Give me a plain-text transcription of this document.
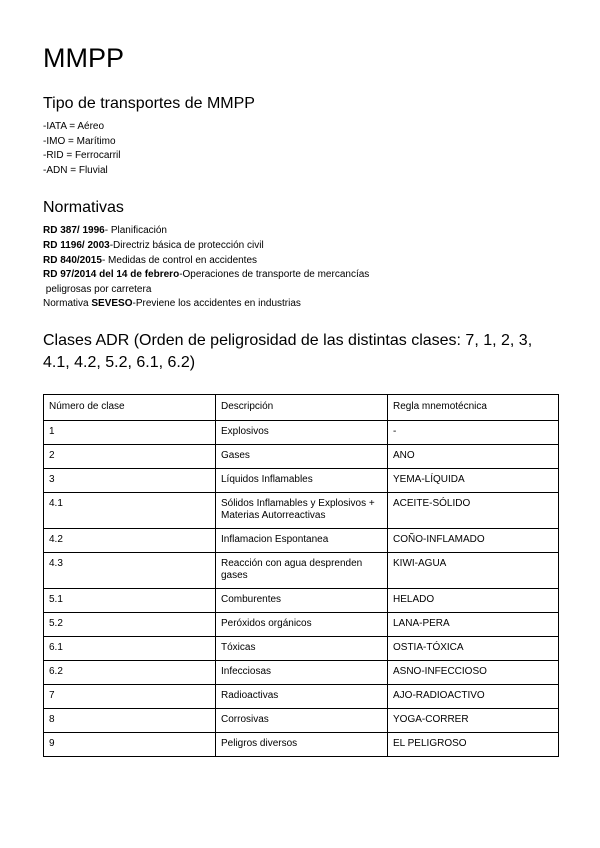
MMPP
Tipo de transportes de MMPP
-IATA = Aéreo
-IMO = Marítimo
-RID = Ferrocarril
-ADN = Fluvial
Normativas
RD 387/ 1996- Planificación
RD 1196/ 2003-Directriz básica de protección civil
RD 840/2015- Medidas de control en accidentes
RD 97/2014 del 14 de febrero-Operaciones de transporte de mercancías
peligrosas por carretera
Normativa SEVESO-Previene los accidentes en industrias
Clases ADR (Orden de peligrosidad de las distintas clases: 7, 1, 2, 3, 4.1, 4.2, 5.2, 6.1, 6.2)
Número de clase	Descripción	Regla mnemotécnica
1	Explosivos	-
2	Gases	ANO
3	Líquidos Inflamables	YEMA-LÍQUIDA
4.1	Sólidos Inflamables y Explosivos + Materias Autorreactivas	ACEITE-SÓLIDO
4.2	Inflamacion Espontanea	COÑO-INFLAMADO
4.3	Reacción con agua desprenden gases	KIWI-AGUA
5.1	Comburentes	HELADO
5.2	Peróxidos orgánicos	LANA-PERA
6.1	Tóxicas	OSTIA-TÓXICA
6.2	Infecciosas	ASNO-INFECCIOSO
7	Radioactivas	AJO-RADIOACTIVO
8	Corrosivas	YOGA-CORRER
9	Peligros diversos	EL PELIGROSO
